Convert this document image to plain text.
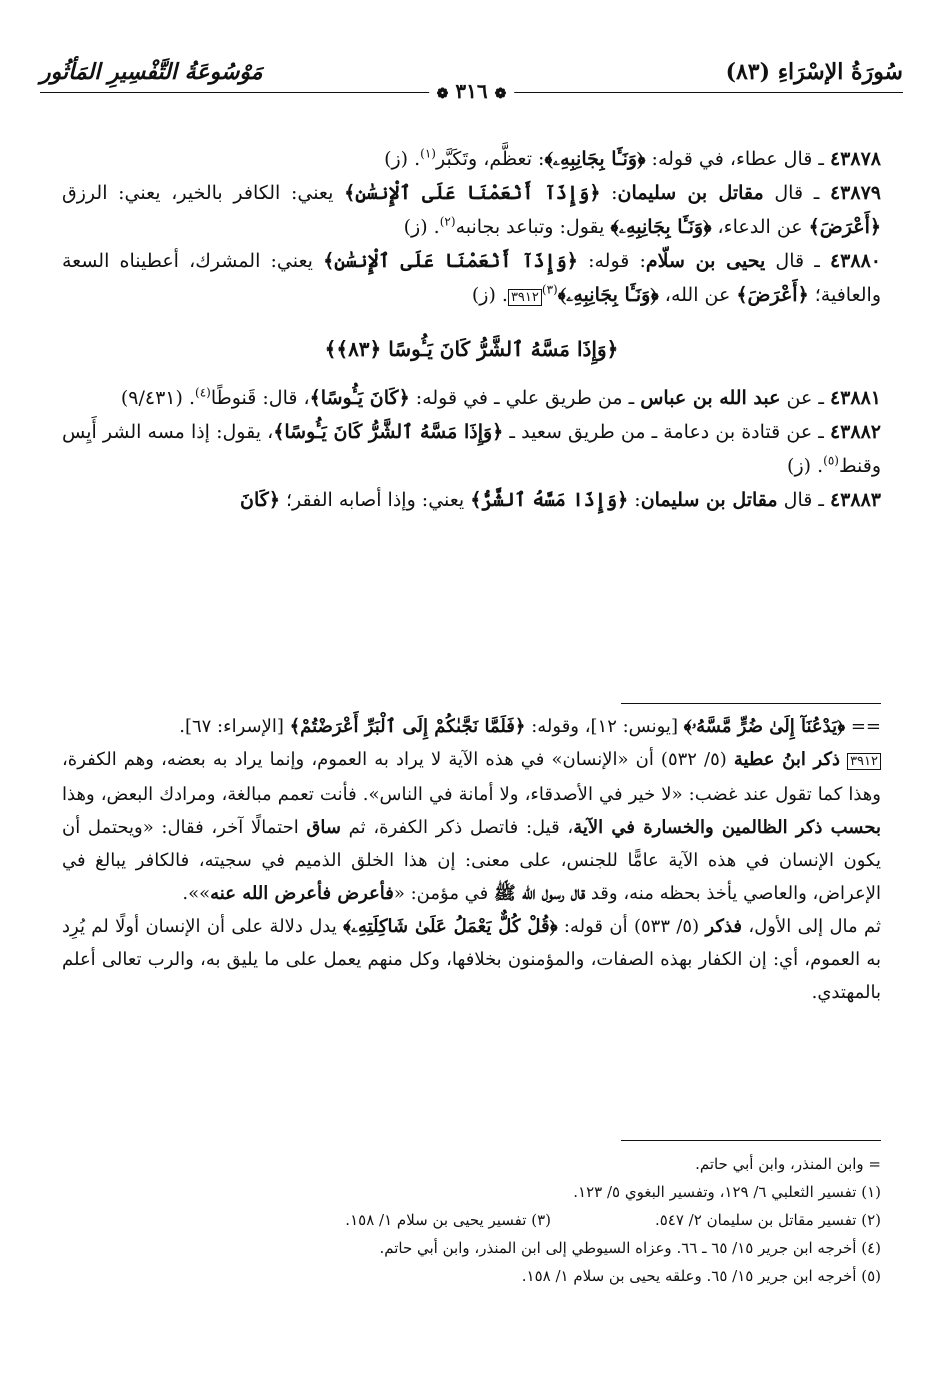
سُورَةُ الإسْرَاءِ (٨٣)
مَوْسُوعَةُ التَّفْسِيرِ المَأثُور
❁ ٣١٦ ❁

٤٣٨٧٨ ـ قال عطاء، في قوله: ﴿وَنَـَٔا بِجَانِبِهِۦ﴾: تعظَّم، وتَكَبَّر$^{(١)}$. (ز)

٤٣٨٧٩ ـ قال مقاتل بن سليمان: ﴿وَإِذَآ أَنْعَمْنَا عَلَى ٱلْإِنسَٰنِ﴾ يعني: الكافر بالخير، يعني: الرزق ﴿أَعْرَضَ﴾ عن الدعاء، ﴿وَنَـَٔا بِجَانِبِهِۦ﴾ يقول: وتباعد بجانبه$^{(٢)}$. (ز)

٤٣٨٨٠ ـ قال يحيى بن سلّام: قوله: ﴿وَإِذَآ أَنْعَمْنَا عَلَى ٱلْإِنسَٰنِ﴾ يعني: المشرك، أعطيناه السعة والعافية؛ ﴿أَعْرَضَ﴾ عن الله، ﴿وَنَـَٔا بِجَانِبِهِۦ﴾$^{(٣)}$٣٩١٢. (ز)

﴿وَإِذَا مَسَّهُ ٱلشَّرُّ كَانَ يَـُٔوسًا ﴿٨٣﴾﴾

٤٣٨٨١ ـ عن عبد الله بن عباس ـ من طريق علي ـ في قوله: ﴿كَانَ يَـُٔوسًا﴾، قال: قَنوطًا$^{(٤)}$. (٩/٤٣١)

٤٣٨٨٢ ـ عن قتادة بن دعامة ـ من طريق سعيد ـ ﴿وَإِذَا مَسَّهُ ٱلشَّرُّ كَانَ يَـُٔوسًا﴾، يقول: إذا مسه الشر أَيِس وقنط$^{(٥)}$. (ز)

٤٣٨٨٣ ـ قال مقاتل بن سليمان: ﴿وَإِذَا مَسَّهُ ٱلشَّرُّ﴾ يعني: وإذا أصابه الفقر؛ ﴿كَانَ

== ﴿يَدْعُنَآ إِلَىٰ ضُرٍّ مَّسَّهُۥ﴾ [يونس: ١٢]، وقوله: ﴿فَلَمَّا نَجَّىٰكُمْ إِلَى ٱلْبَرِّ أَعْرَضْتُمْ﴾ [الإسراء: ٦٧].

٣٩١٢ ذكر ابنُ عطية (٥/ ٥٣٢) أن «الإنسان» في هذه الآية لا يراد به العموم، وإنما يراد به بعضه، وهم الكفرة، وهذا كما تقول عند غضب: «لا خير في الأصدقاء، ولا أمانة في الناس». فأنت تعمم مبالغة، ومرادك البعض، وهذا بحسب ذكر الظالمين والخسارة في الآية، قيل: فاتصل ذكر الكفرة، ثم ساق احتمالًا آخر، فقال: «ويحتمل أن يكون الإنسان في هذه الآية عامًّا للجنس، على معنى: إن هذا الخلق الذميم في سجيته، فالكافر يبالغ في الإعراض، والعاصي يأخذ بحظه منه، وقد قال رسول الله ﷺ في مؤمن: «فأعرض فأعرض الله عنه»».

ثم مال إلى الأول، فذكر (٥/ ٥٣٣) أن قوله: ﴿قُلْ كُلٌّ يَعْمَلُ عَلَىٰ شَاكِلَتِهِۦ﴾ يدل دلالة على أن الإنسان أولًا لم يُرِد به العموم، أي: إن الكفار بهذه الصفات، والمؤمنون بخلافها، وكل منهم يعمل على ما يليق به، والرب تعالى أعلم بالمهتدي.

= وابن المنذر، وابن أبي حاتم.

(١) تفسير الثعلبي ٦/ ١٢٩، وتفسير البغوي ٥/ ١٢٣.

(٢) تفسير مقاتل بن سليمان ٢/ ٥٤٧.(٣) تفسير يحيى بن سلام ١/ ١٥٨.

(٤) أخرجه ابن جرير ١٥/ ٦٥ ـ ٦٦. وعزاه السيوطي إلى ابن المنذر، وابن أبي حاتم.

(٥) أخرجه ابن جرير ١٥/ ٦٥. وعلقه يحيى بن سلام ١/ ١٥٨.
